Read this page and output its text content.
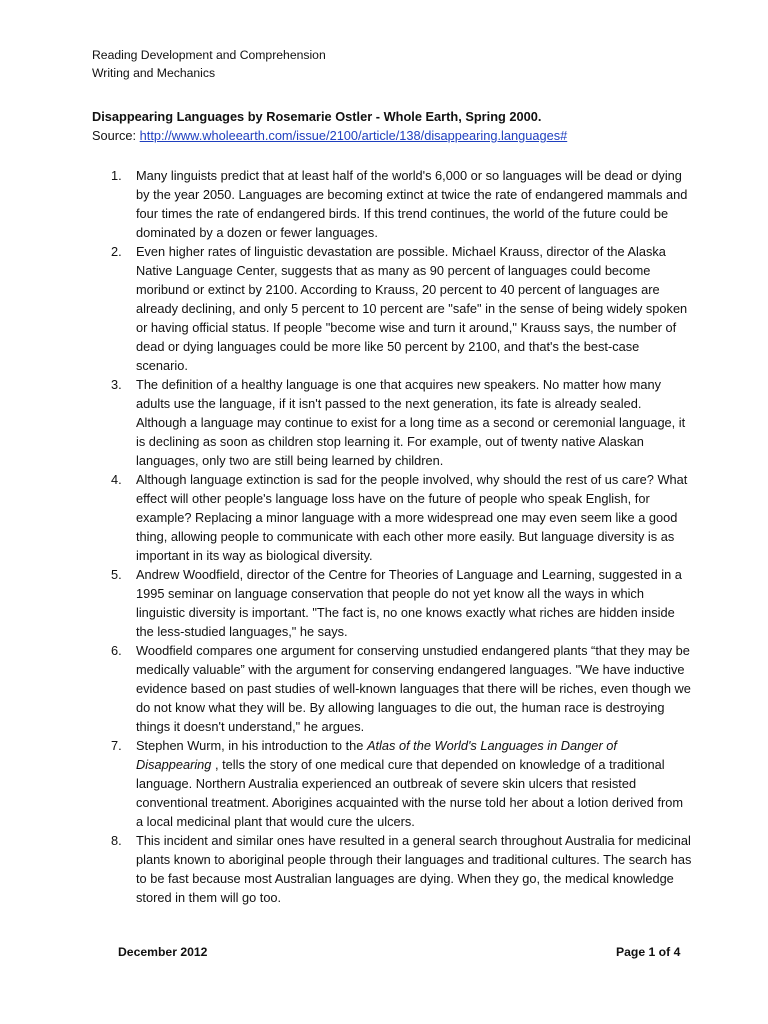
Reading Development and Comprehension
Writing and Mechanics
Disappearing Languages by Rosemarie Ostler - Whole Earth, Spring 2000.
Source: http://www.wholeearth.com/issue/2100/article/138/disappearing.languages#
1. Many linguists predict that at least half of the world's 6,000 or so languages will be dead or dying by the year 2050. Languages are becoming extinct at twice the rate of endangered mammals and four times the rate of endangered birds. If this trend continues, the world of the future could be dominated by a dozen or fewer languages.
2. Even higher rates of linguistic devastation are possible. Michael Krauss, director of the Alaska Native Language Center, suggests that as many as 90 percent of languages could become moribund or extinct by 2100. According to Krauss, 20 percent to 40 percent of languages are already declining, and only 5 percent to 10 percent are "safe" in the sense of being widely spoken or having official status. If people "become wise and turn it around," Krauss says, the number of dead or dying languages could be more like 50 percent by 2100, and that's the best-case scenario.
3. The definition of a healthy language is one that acquires new speakers. No matter how many adults use the language, if it isn't passed to the next generation, its fate is already sealed. Although a language may continue to exist for a long time as a second or ceremonial language, it is declining as soon as children stop learning it. For example, out of twenty native Alaskan languages, only two are still being learned by children.
4. Although language extinction is sad for the people involved, why should the rest of us care? What effect will other people's language loss have on the future of people who speak English, for example? Replacing a minor language with a more widespread one may even seem like a good thing, allowing people to communicate with each other more easily. But language diversity is as important in its way as biological diversity.
5. Andrew Woodfield, director of the Centre for Theories of Language and Learning, suggested in a 1995 seminar on language conservation that people do not yet know all the ways in which linguistic diversity is important. "The fact is, no one knows exactly what riches are hidden inside the less-studied languages," he says.
6. Woodfield compares one argument for conserving unstudied endangered plants “that they may be medically valuable” with the argument for conserving endangered languages. "We have inductive evidence based on past studies of well-known languages that there will be riches, even though we do not know what they will be. By allowing languages to die out, the human race is destroying things it doesn't understand," he argues.
7. Stephen Wurm, in his introduction to the Atlas of the World's Languages in Danger of Disappearing , tells the story of one medical cure that depended on knowledge of a traditional language. Northern Australia experienced an outbreak of severe skin ulcers that resisted conventional treatment. Aborigines acquainted with the nurse told her about a lotion derived from a local medicinal plant that would cure the ulcers.
8. This incident and similar ones have resulted in a general search throughout Australia for medicinal plants known to aboriginal people through their languages and traditional cultures. The search has to be fast because most Australian languages are dying. When they go, the medical knowledge stored in them will go too.
December 2012	Page 1 of 4
